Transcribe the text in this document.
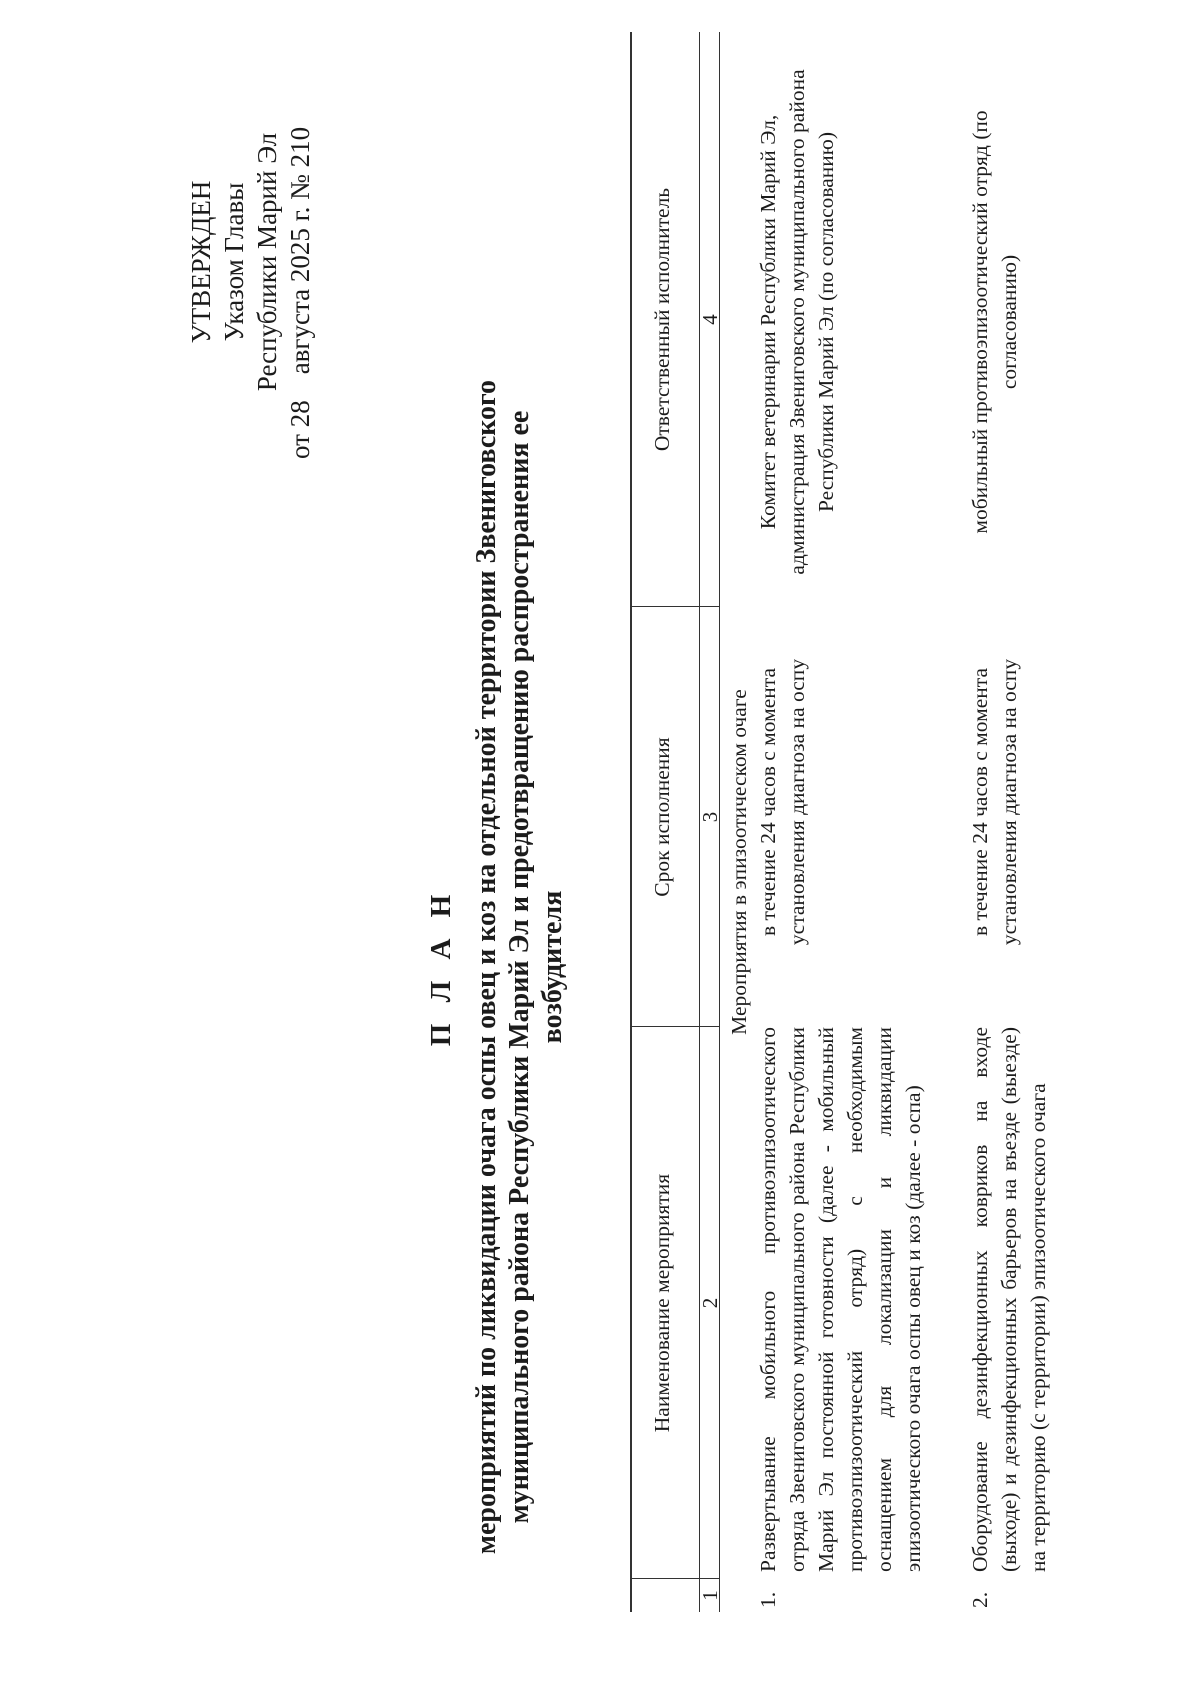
УТВЕРЖДЕН Указом Главы Республики Марий Эл
от 28августа 2025 г. № 210
П Л А Н мероприятий по ликвидации очага оспы овец и коз на отдельной территории Звениговского муниципального района Республики Марий Эл и предотвращению распространения ее возбудителя
Наименование мероприятия
Срок исполнения
Ответственный исполнитель
1
2
3
4
Мероприятия в эпизоотическом очаге
1.
Развертывание мобильного противоэпизоотического отряда Звениговского муниципального района Республики Марий Эл постоянной готовности (далее - мобильный противоэпизоотический отряд) с необходимым оснащением для локализации и ликвидации эпизоотического очага оспы овец и коз (далее - оспа)
в течение 24 часов с момента установления диагноза на оспу
Комитет ветеринарии Республики Марий Эл, администрация Звениговского муниципального района Республики Марий Эл (по согласованию)
2.
Оборудование дезинфекционных ковриков на входе (выходе) и дезинфекционных барьеров на въезде (выезде) на территорию (с территории) эпизоотического очага
в течение 24 часов с момента установления диагноза на оспу
мобильный противоэпизоотический отряд (по согласованию)
